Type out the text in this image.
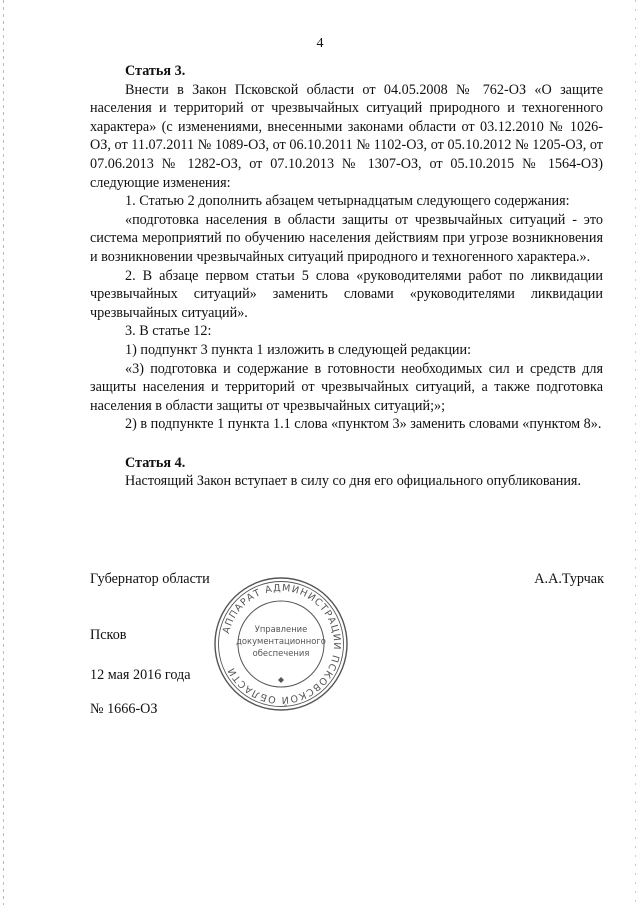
4

Статья 3.

Внести в Закон Псковской области от 04.05.2008 № 762-ОЗ «О защите населения и территорий от чрезвычайных ситуаций природного и техногенного характера» (с изменениями, внесенными законами области от 03.12.2010 № 1026-ОЗ, от 11.07.2011 № 1089-ОЗ, от 06.10.2011 № 1102-ОЗ, от 05.10.2012 № 1205-ОЗ, от 07.06.2013 № 1282-ОЗ, от 07.10.2013 № 1307-ОЗ, от 05.10.2015 № 1564-ОЗ) следующие изменения:

1. Статью 2 дополнить абзацем четырнадцатым следующего содержания:

«подготовка населения в области защиты от чрезвычайных ситуаций - это система мероприятий по обучению населения действиям при угрозе возникновения и возникновении чрезвычайных ситуаций природного и техногенного характера.».

2. В абзаце первом статьи 5 слова «руководителями работ по ликвидации чрезвычайных ситуаций» заменить словами «руководителями ликвидации чрезвычайных ситуаций».

3. В статье 12:

1) подпункт 3 пункта 1 изложить в следующей редакции:

«3) подготовка и содержание в готовности необходимых сил и средств для защиты населения и территорий от чрезвычайных ситуаций, а также подготовка населения в области защиты от чрезвычайных ситуаций;»;

2) в подпункте 1 пункта 1.1 слова «пунктом 3» заменить словами «пунктом 8».

Статья 4.

Настоящий Закон вступает в силу со дня его официального опубликования.

Губернатор области	А.А.Турчак
Псков
12 мая 2016 года
№ 1666-ОЗ
АППАРАТ АДМИНИСТРАЦИИ ПСКОВСКОЙ ОБЛАСТИ
Управление
документационного
обеспечения
